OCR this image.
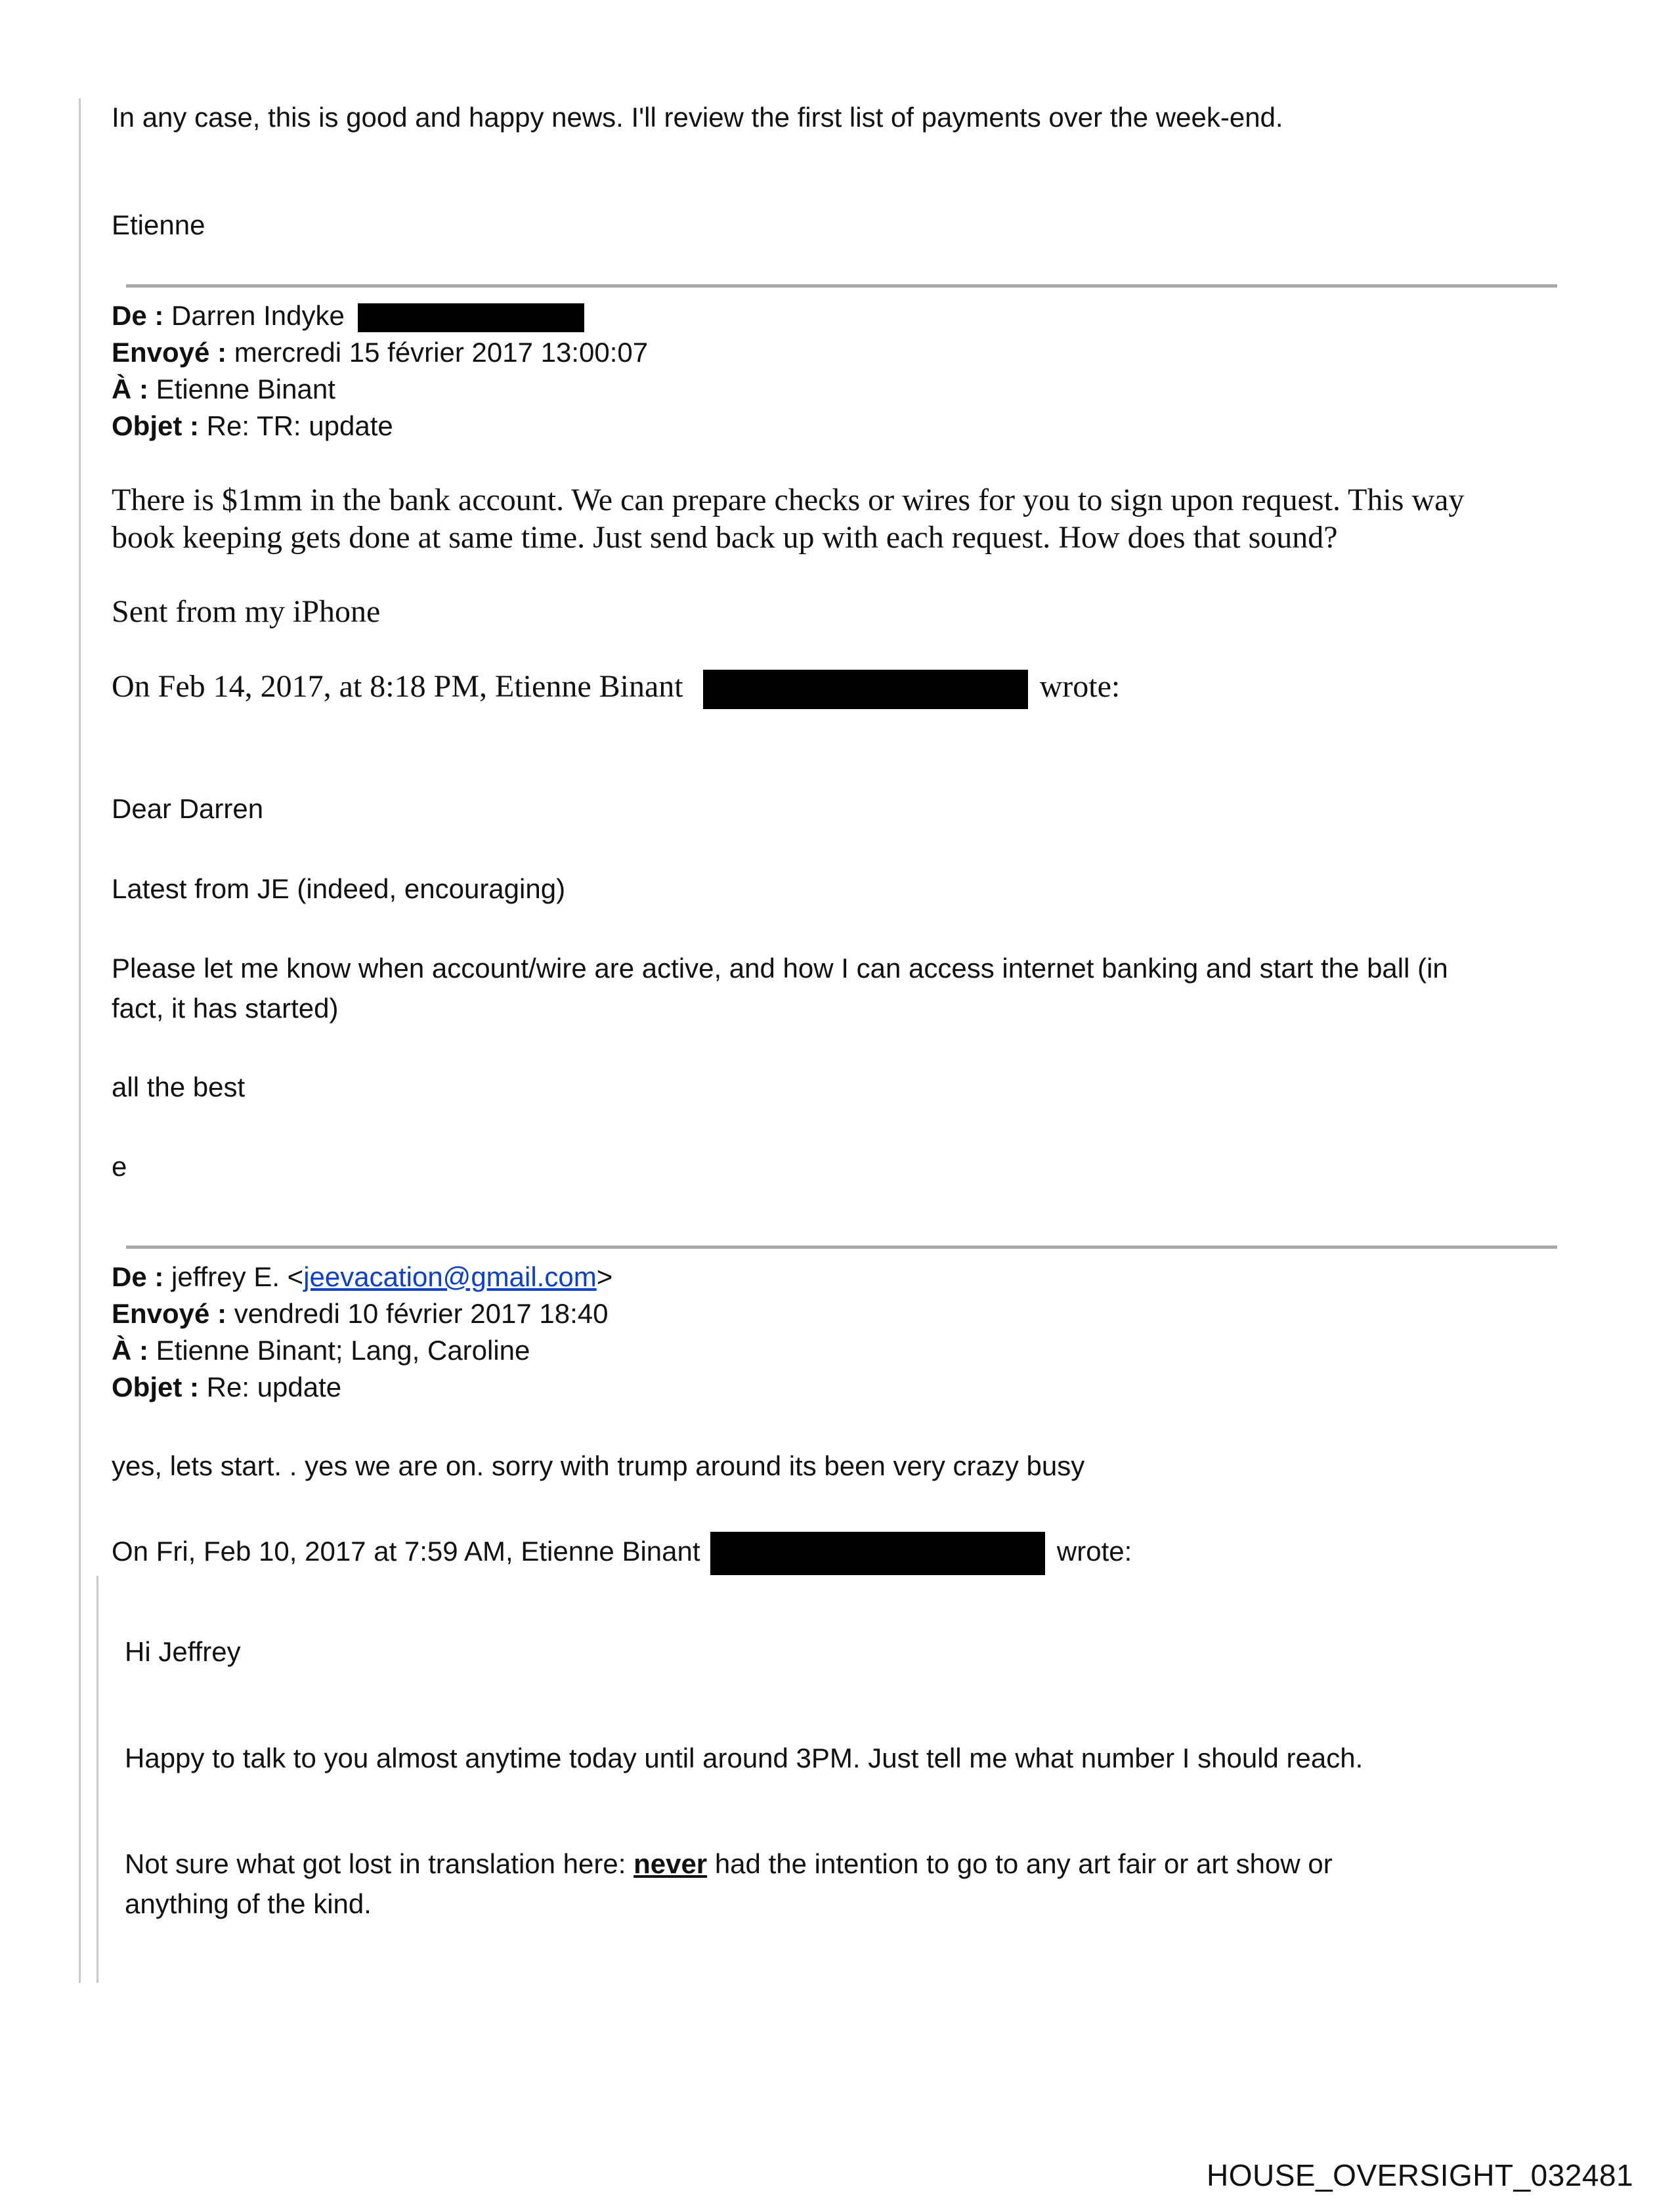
In any case, this is good and happy news. I'll review the first list of payments over the week-end.
Etienne
De : Darren Indyke
Envoyé : mercredi 15 février 2017 13:00:07
À : Etienne Binant
Objet : Re: TR: update
There is $1mm in the bank account. We can prepare checks or wires for you to sign upon request. This way
book keeping gets done at same time. Just send back up with each request. How does that sound?
Sent from my iPhone
On Feb 14, 2017, at 8:18 PM, Etienne Binant	wrote:
Dear Darren
Latest from JE (indeed, encouraging)
Please let me know when account/wire are active, and how I can access internet banking and start the ball (in
fact, it has started)
all the best
e
De : jeffrey E. <jeevacation@gmail.com>
Envoyé : vendredi 10 février 2017 18:40
À : Etienne Binant; Lang, Caroline
Objet : Re: update
yes, lets start. . yes we are on. sorry with trump around its been very crazy busy
On Fri, Feb 10, 2017 at 7:59 AM, Etienne Binant	wrote:
Hi Jeffrey
Happy to talk to you almost anytime today until around 3PM. Just tell me what number I should reach.
Not sure what got lost in translation here: never had the intention to go to any art fair or art show or
anything of the kind.
HOUSE_OVERSIGHT_032481
